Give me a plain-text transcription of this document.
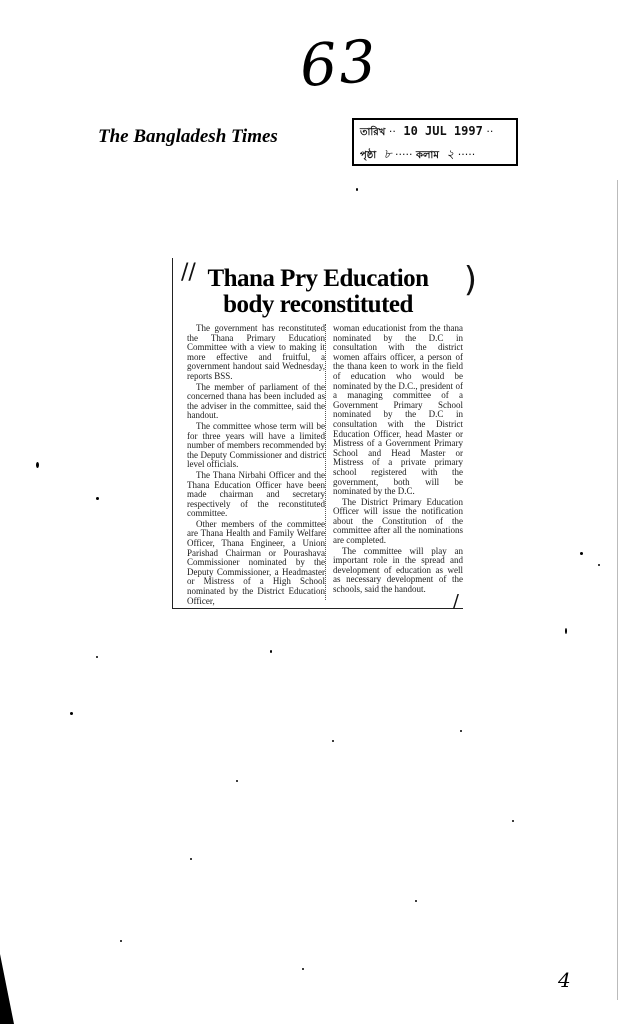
63
The Bangladesh Times	তারিখ ·· 10 JUL 1997 ··
পৃষ্ঠা ৮ ····· কলাম ২ ·····
//	)
Thana Pry Education
body reconstituted

The government has reconstituted the Thana Primary Education Committee with a view to making it more effective and fruitful, a government handout said Wednesday, reports BSS.

The member of parliament of the concerned thana has been included as the adviser in the committee, said the handout.

The committee whose term will be for three years will have a limited number of members recommended by the Deputy Commissioner and district level officials.

The Thana Nirbahi Officer and the Thana Education Officer have been made chairman and secretary respectively of the reconstituted committee.

Other members of the committee are Thana Health and Family Welfare Officer, Thana Engineer, a Union Parishad Chairman or Pourashava Commissioner nominated by the Deputy Commissioner, a Headmaster or Mistress of a High School nominated by the District Education Officer,

woman educationist from the thana nominated by the D.C in consultation with the district women affairs officer, a person of the thana keen to work in the field of education who would be nominated by the D.C., president of a managing committee of a Government Primary School nominated by the D.C in consultation with the District Education Officer, head Master or Mistress of a Government Primary School and Head Master or Mistress of a private primary school registered with the government, both will be nominated by the D.C.

The District Primary Education Officer will issue the notification about the Constitution of the committee after all the nominations are completed.

The committee will play an important role in the spread and development of education as well as necessary development of the schools, said the handout.

/
4
